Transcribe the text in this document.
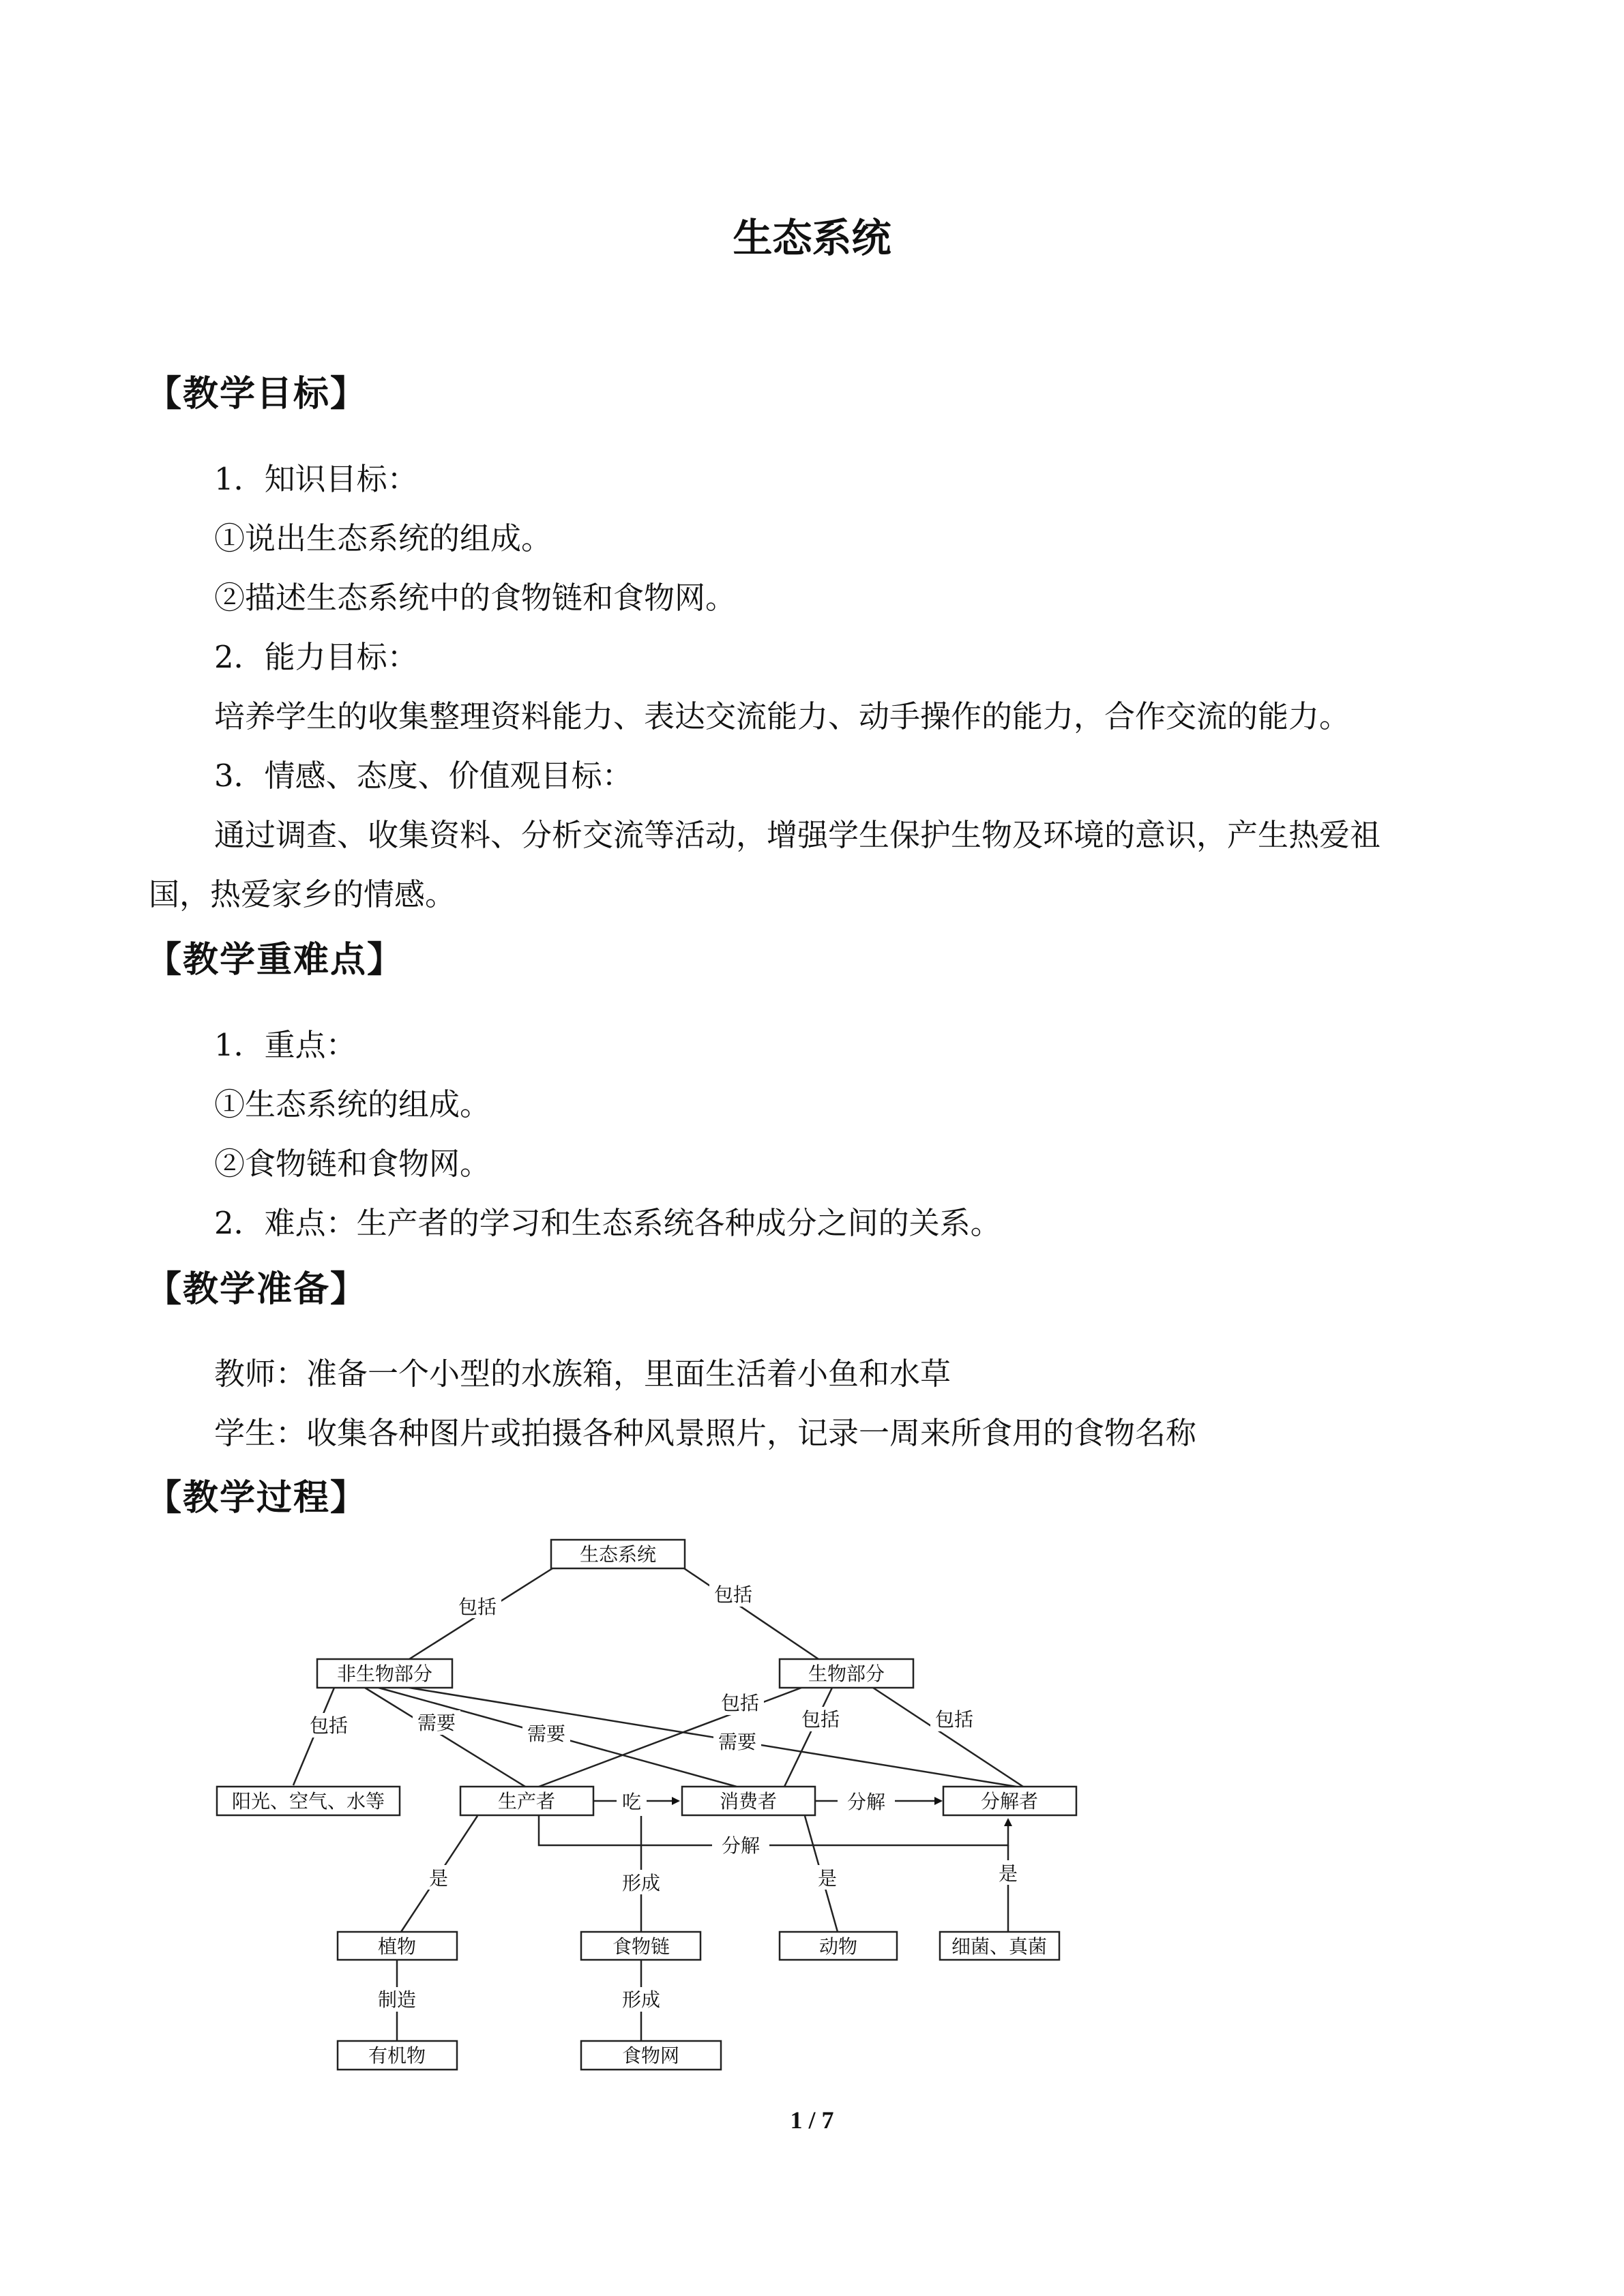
生态系统
【教学目标】
1．知识目标：
①说出生态系统的组成。
②描述生态系统中的食物链和食物网。
2．能力目标：
培养学生的收集整理资料能力、表达交流能力、动手操作的能力，合作交流的能力。
3．情感、态度、价值观目标：
通过调查、收集资料、分析交流等活动，增强学生保护生物及环境的意识，产生热爱祖
国，热爱家乡的情感。
【教学重难点】
1．重点：
①生态系统的组成。
②食物链和食物网。
2．难点：生产者的学习和生态系统各种成分之间的关系。
【教学准备】
教师：准备一个小型的水族箱，里面生活着小鱼和水草
学生：收集各种图片或拍摄各种风景照片，记录一周来所食用的食物名称
【教学过程】
包括
包括
包括	需要	需要	需要
包括
包括	包括
吃	分解
分解
是	形成	是	是
制造	形成
生态系统
非生物部分	生物部分
阳光、空气、水等	生产者	消费者	分解者
植物	食物链	动物	细菌、真菌
有机物	食物网
1 / 7
